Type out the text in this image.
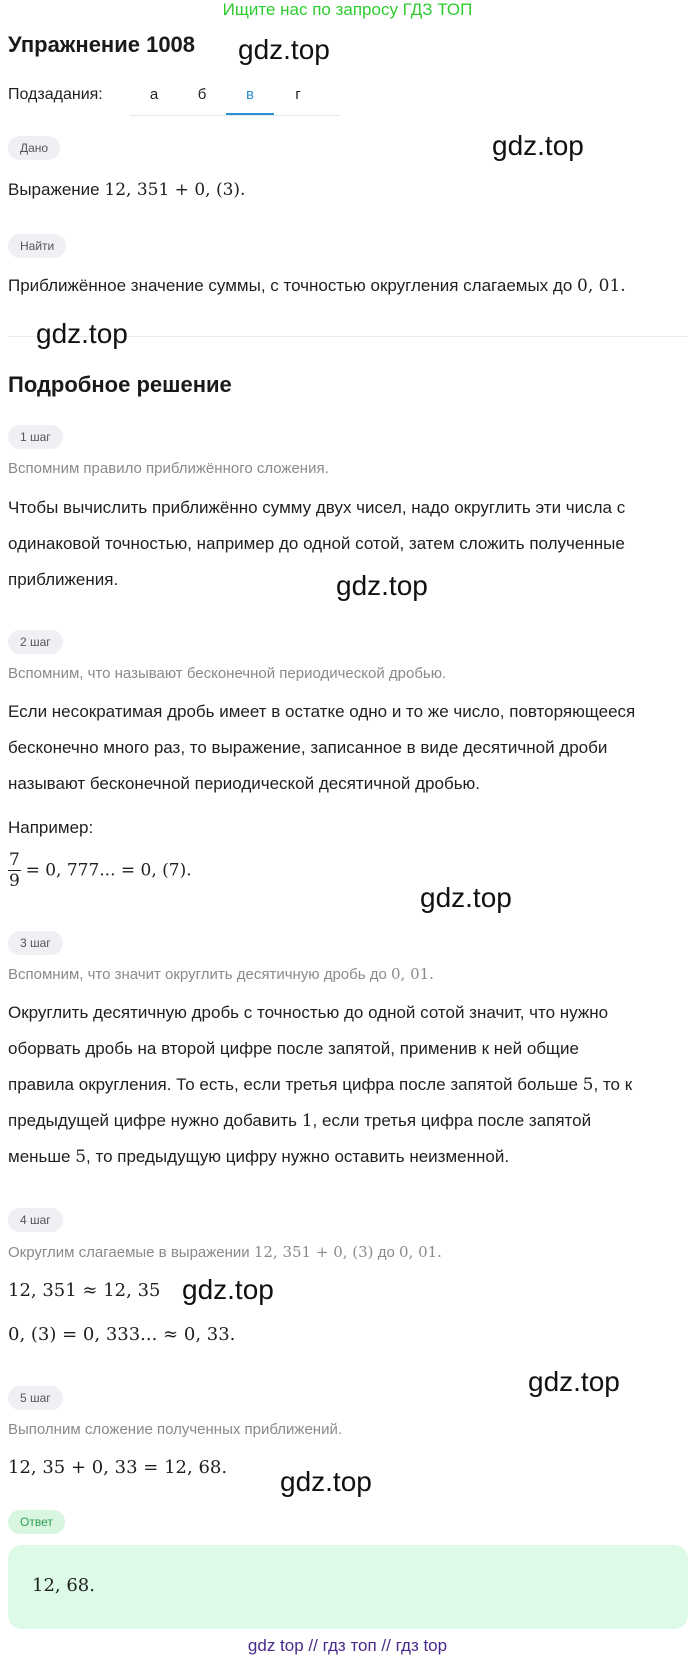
Ищите нас по запросу ГДЗ ТОП
Упражнение 1008
Подзадания:	а	б	в	г
Дано
Выражение 12, 351 + 0, (3).
Найти
Приближённое значение суммы, с точностью округления слагаемых до 0, 01.
Подробное решение
1 шаг
Вспомним правило приближённого сложения.
Чтобы вычислить приближённо сумму двух чисел, надо округлить эти числа с
одинаковой точностью, например до одной сотой, затем сложить полученные
приближения.
2 шаг
Вспомним, что называют бесконечной периодической дробью.
Если несократимая дробь имеет в остатке одно и то же число, повторяющееся
бесконечно много раз, то выражение, записанное в виде десятичной дроби
называют бесконечной периодической десятичной дробью.
Например:
$\frac{7}{9} = 0$, 777... = 0, (7).
3 шаг
Вспомним, что значит округлить десятичную дробь до 0, 01.
Округлить десятичную дробь с точностью до одной сотой значит, что нужно
оборвать дробь на второй цифре после запятой, применив к ней общие
правила округления. То есть, если третья цифра после запятой больше 5, то к
предыдущей цифре нужно добавить 1, если третья цифра после запятой
меньше 5, то предыдущую цифру нужно оставить неизменной.
4 шаг
Округлим слагаемые в выражении 12, 351 + 0, (3) до 0, 01.
12, 351 ≈ 12, 35
0, (3) = 0, 333... ≈ 0, 33.
5 шаг
Выполним сложение полученных приближений.
12, 35 + 0, 33 = 12, 68.
Ответ
12, 68.
gdz.top
gdz.top
gdz.top
gdz.top
gdz.top
gdz.top
gdz.top
gdz.top
gdz top // гдз топ // гдз top
